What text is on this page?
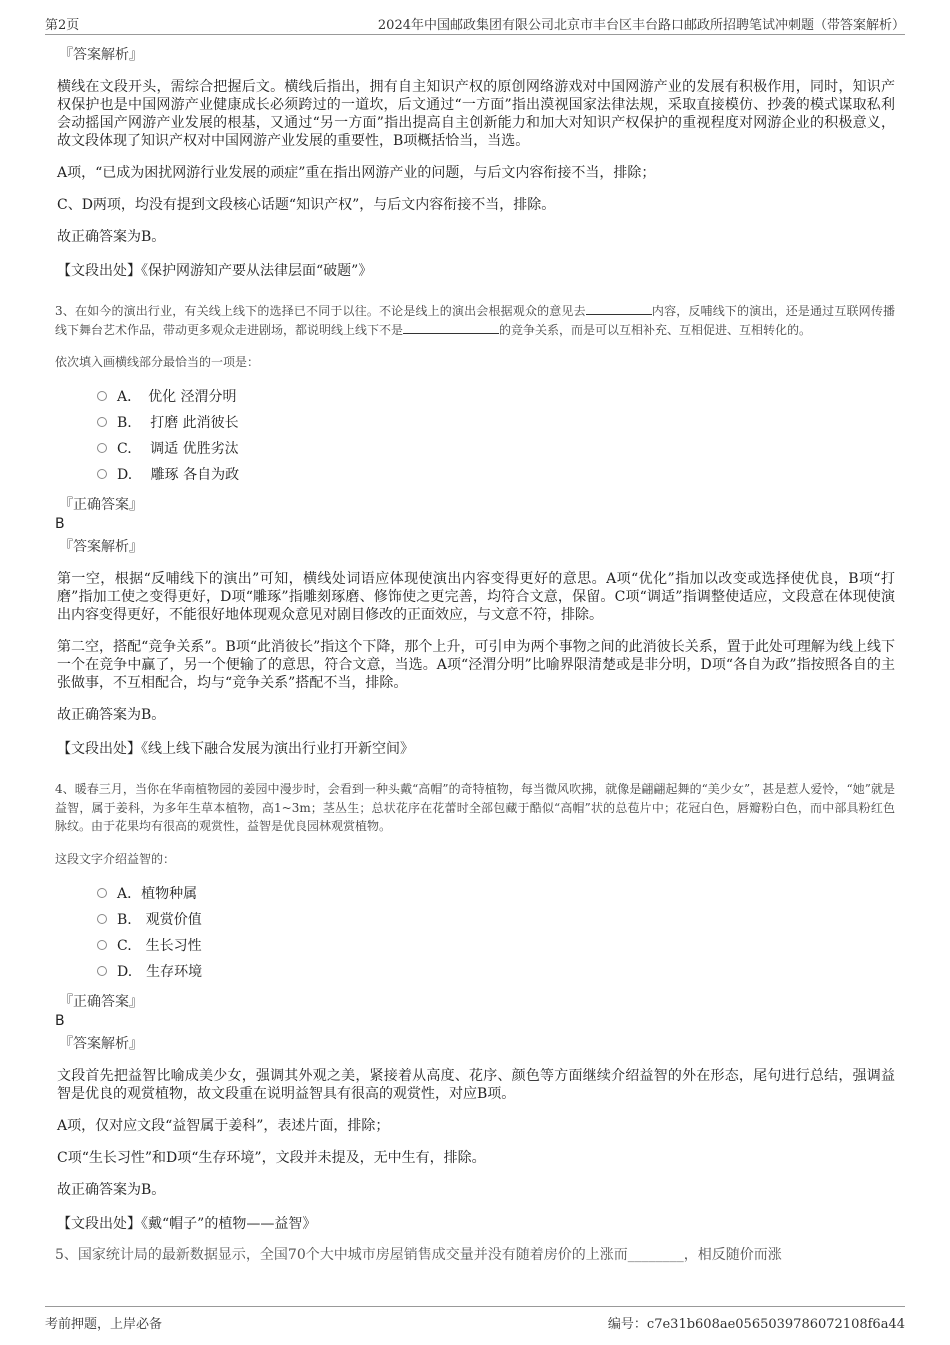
第2页	2024年中国邮政集团有限公司北京市丰台区丰台路口邮政所招聘笔试冲刺题（带答案解析）
『答案解析』
横线在文段开头，需综合把握后文。横线后指出，拥有自主知识产权的原创网络游戏对中国网游产业的发展有积极作用，同时，知识产权保护也是中国网游产业健康成长必须跨过的一道坎，后文通过“一方面”指出漠视国家法律法规，采取直接模仿、抄袭的模式谋取私利会动摇国产网游产业发展的根基，又通过“另一方面”指出提高自主创新能力和加大对知识产权保护的重视程度对网游企业的积极意义，故文段体现了知识产权对中国网游产业发展的重要性，B项概括恰当，当选。
A项，“已成为困扰网游行业发展的顽症”重在指出网游产业的问题，与后文内容衔接不当，排除；
C、D两项，均没有提到文段核心话题“知识产权”，与后文内容衔接不当，排除。
故正确答案为B。
【文段出处】《保护网游知产要从法律层面“破题”》
3、在如今的演出行业，有关线上线下的选择已不同于以往。不论是线上的演出会根据观众的意见去	内容，反哺线下的演出，还是通过互联网传播线下舞台艺术作品，带动更多观众走进剧场，都说明线上线下不是	的竞争关系，而是可以互相补充、互相促进、互相转化的。
依次填入画横线部分最恰当的一项是：
A．　优化 泾渭分明
B.　 打磨 此消彼长
C.　 调适 优胜劣汰
D.　 雕琢 各自为政
『正确答案』
B
『答案解析』
第一空，根据“反哺线下的演出”可知，横线处词语应体现使演出内容变得更好的意思。A项“优化”指加以改变或选择使优良，B项“打磨”指加工使之变得更好，D项“雕琢”指雕刻琢磨、修饰使之更完善，均符合文意，保留。C项“调适”指调整使适应，文段意在体现使演出内容变得更好，不能很好地体现观众意见对剧目修改的正面效应，与文意不符，排除。
第二空，搭配“竞争关系”。B项“此消彼长”指这个下降，那个上升，可引申为两个事物之间的此消彼长关系，置于此处可理解为线上线下一个在竞争中赢了，另一个便输了的意思，符合文意，当选。A项“泾渭分明”比喻界限清楚或是非分明，D项“各自为政”指按照各自的主张做事，不互相配合，均与“竞争关系”搭配不当，排除。
故正确答案为B。
【文段出处】《线上线下融合发展为演出行业打开新空间》
4、暖春三月，当你在华南植物园的姜园中漫步时，会看到一种头戴“高帽”的奇特植物，每当微风吹拂，就像是翩翩起舞的“美少女”，甚是惹人爱怜，“她”就是益智，属于姜科，为多年生草本植物，高1~3m；茎丛生；总状花序在花蕾时全部包藏于酷似“高帽”状的总苞片中；花冠白色，唇瓣粉白色，而中部具粉红色脉纹。由于花果均有很高的观赏性，益智是优良园林观赏植物。
这段文字介绍益智的：
A．植物种属
B.　观赏价值
C.　生长习性
D.　生存环境
『正确答案』
B
『答案解析』
文段首先把益智比喻成美少女，强调其外观之美，紧接着从高度、花序、颜色等方面继续介绍益智的外在形态，尾句进行总结，强调益智是优良的观赏植物，故文段重在说明益智具有很高的观赏性，对应B项。
A项，仅对应文段“益智属于姜科”，表述片面，排除；
C项“生长习性”和D项“生存环境”，文段并未提及，无中生有，排除。
故正确答案为B。
【文段出处】《戴“帽子”的植物——益智》
5、国家统计局的最新数据显示，全国70个大中城市房屋销售成交量并没有随着房价的上涨而________，相反随价而涨
考前押题，上岸必备	编号：c7e31b608ae0565039786072108f6a44
